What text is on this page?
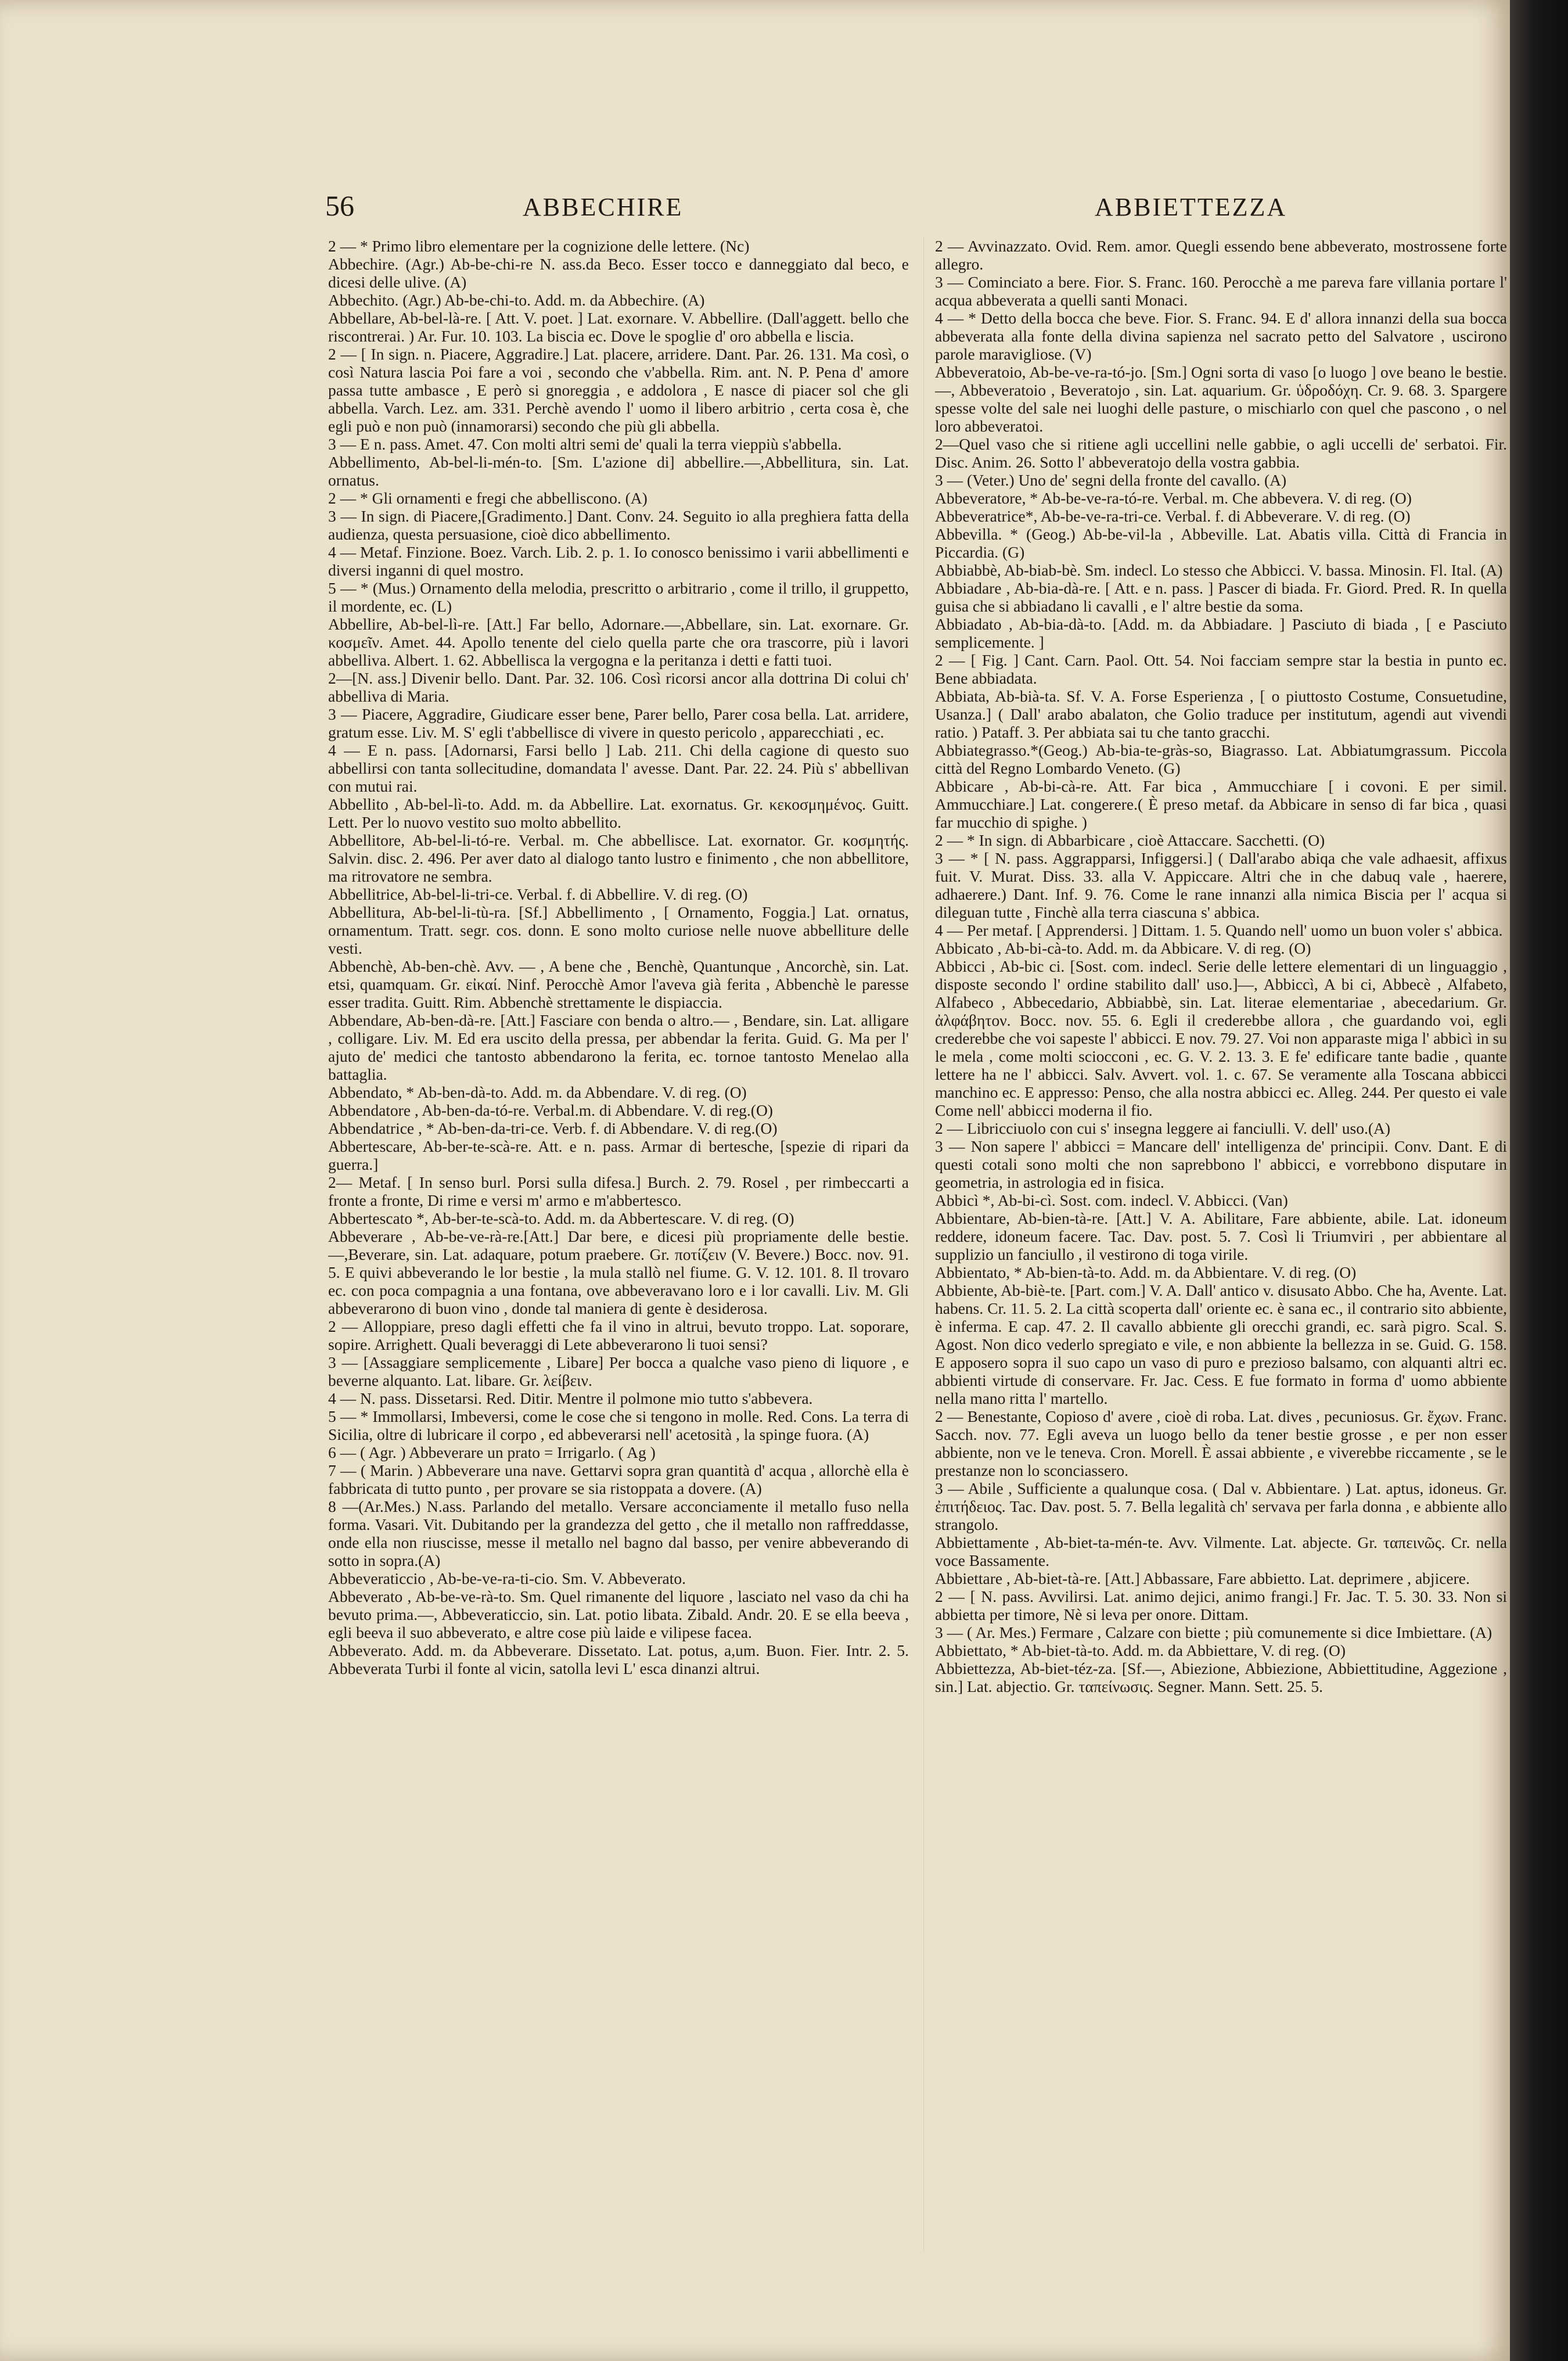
56	ABBECHIRE	ABBIETTEZZA

2 — * Primo libro elementare per la cognizione delle lettere. (Nc)

Abbechire. (Agr.) Ab-be-chi-re N. ass.da Beco. Esser tocco e danneggiato dal beco, e dicesi delle ulive. (A)

Abbechito. (Agr.) Ab-be-chi-to. Add. m. da Abbechire. (A)

Abbellare, Ab-bel-là-re. [ Att. V. poet. ] Lat. exornare. V. Abbellire. (Dall'aggett. bello che riscontrerai. ) Ar. Fur. 10. 103. La biscia ec. Dove le spoglie d' oro abbella e liscia.

2 — [ In sign. n. Piacere, Aggradire.] Lat. placere, arridere. Dant. Par. 26. 131. Ma così, o così Natura lascia Poi fare a voi , secondo che v'abbella. Rim. ant. N. P. Pena d' amore passa tutte ambasce , E però si gnoreggia , e addolora , E nasce di piacer sol che gli abbella. Varch. Lez. am. 331. Perchè avendo l' uomo il libero arbitrio , certa cosa è, che egli può e non può (innamorarsi) secondo che più gli abbella.

3 — E n. pass. Amet. 47. Con molti altri semi de' quali la terra vieppiù s'abbella.

Abbellimento, Ab-bel-li-mén-to. [Sm. L'azione di] abbellire.—,Abbellitura, sin. Lat. ornatus.

2 — * Gli ornamenti e fregi che abbelliscono. (A)

3 — In sign. di Piacere,[Gradimento.] Dant. Conv. 24. Seguito io alla preghiera fatta della audienza, questa persuasione, cioè dico abbellimento.

4 — Metaf. Finzione. Boez. Varch. Lib. 2. p. 1. Io conosco benissimo i varii abbellimenti e diversi inganni di quel mostro.

5 — * (Mus.) Ornamento della melodia, prescritto o arbitrario , come il trillo, il gruppetto, il mordente, ec. (L)

Abbellire, Ab-bel-lì-re. [Att.] Far bello, Adornare.—,Abbellare, sin. Lat. exornare. Gr. κοσμεῖν. Amet. 44. Apollo tenente del cielo quella parte che ora trascorre, più i lavori abbelliva. Albert. 1. 62. Abbellisca la vergogna e la peritanza i detti e fatti tuoi.

2—[N. ass.] Divenir bello. Dant. Par. 32. 106. Così ricorsi ancor alla dottrina Di colui ch' abbelliva di Maria.

3 — Piacere, Aggradire, Giudicare esser bene, Parer bello, Parer cosa bella. Lat. arridere, gratum esse. Liv. M. S' egli t'abbellisce di vivere in questo pericolo , apparecchiati , ec.

4 — E n. pass. [Adornarsi, Farsi bello ] Lab. 211. Chi della cagione di questo suo abbellirsi con tanta sollecitudine, domandata l' avesse. Dant. Par. 22. 24. Più s' abbellivan con mutui rai.

Abbellito , Ab-bel-lì-to. Add. m. da Abbellire. Lat. exornatus. Gr. κεκοσμημένος. Guitt. Lett. Per lo nuovo vestito suo molto abbellito.

Abbellitore, Ab-bel-li-tó-re. Verbal. m. Che abbellisce. Lat. exornator. Gr. κοσμητής. Salvin. disc. 2. 496. Per aver dato al dialogo tanto lustro e finimento , che non abbellitore, ma ritrovatore ne sembra.

Abbellitrice, Ab-bel-li-tri-ce. Verbal. f. di Abbellire. V. di reg. (O)

Abbellitura, Ab-bel-li-tù-ra. [Sf.] Abbellimento , [ Ornamento, Foggia.] Lat. ornatus, ornamentum. Tratt. segr. cos. donn. E sono molto curiose nelle nuove abbelliture delle vesti.

Abbenchè, Ab-ben-chè. Avv. — , A bene che , Benchè, Quantunque , Ancorchè, sin. Lat. etsi, quamquam. Gr. εἰκαί. Ninf. Perocchè Amor l'aveva già ferita , Abbenchè le paresse esser tradita. Guitt. Rim. Abbenchè strettamente le dispiaccia.

Abbendare, Ab-ben-dà-re. [Att.] Fasciare con benda o altro.— , Bendare, sin. Lat. alligare , colligare. Liv. M. Ed era uscito della pressa, per abbendar la ferita. Guid. G. Ma per l' ajuto de' medici che tantosto abbendarono la ferita, ec. tornoe tantosto Menelao alla battaglia.

Abbendato, * Ab-ben-dà-to. Add. m. da Abbendare. V. di reg. (O)

Abbendatore , Ab-ben-da-tó-re. Verbal.m. di Abbendare. V. di reg.(O)

Abbendatrice , * Ab-ben-da-tri-ce. Verb. f. di Abbendare. V. di reg.(O)

Abbertescare, Ab-ber-te-scà-re. Att. e n. pass. Armar di bertesche, [spezie di ripari da guerra.]

2— Metaf. [ In senso burl. Porsi sulla difesa.] Burch. 2. 79. Rosel , per rimbeccarti a fronte a fronte, Di rime e versi m' armo e m'abbertesco.

Abbertescato *, Ab-ber-te-scà-to. Add. m. da Abbertescare. V. di reg. (O)

Abbeverare , Ab-be-ve-rà-re.[Att.] Dar bere, e dicesi più propriamente delle bestie.—,Beverare, sin. Lat. adaquare, potum praebere. Gr. ποτίζειν (V. Bevere.) Bocc. nov. 91. 5. E quivi abbeverando le lor bestie , la mula stallò nel fiume. G. V. 12. 101. 8. Il trovaro ec. con poca compagnia a una fontana, ove abbeveravano loro e i lor cavalli. Liv. M. Gli abbeverarono di buon vino , donde tal maniera di gente è desiderosa.

2 — Alloppiare, preso dagli effetti che fa il vino in altrui, bevuto troppo. Lat. soporare, sopire. Arrighett. Quali beveraggi di Lete abbeverarono li tuoi sensi?

3 — [Assaggiare semplicemente , Libare] Per bocca a qualche vaso pieno di liquore , e beverne alquanto. Lat. libare. Gr. λείβειν.

4 — N. pass. Dissetarsi. Red. Ditir. Mentre il polmone mio tutto s'abbevera.

5 — * Immollarsi, Imbeversi, come le cose che si tengono in molle. Red. Cons. La terra di Sicilia, oltre di lubricare il corpo , ed abbeverarsi nell' acetosità , la spinge fuora. (A)

6 — ( Agr. ) Abbeverare un prato = Irrigarlo. ( Ag )

7 — ( Marin. ) Abbeverare una nave. Gettarvi sopra gran quantità d' acqua , allorchè ella è fabbricata di tutto punto , per provare se sia ristoppata a dovere. (A)

8 —(Ar.Mes.) N.ass. Parlando del metallo. Versare acconciamente il metallo fuso nella forma. Vasari. Vit. Dubitando per la grandezza del getto , che il metallo non raffreddasse, onde ella non riuscisse, messe il metallo nel bagno dal basso, per venire abbeverando di sotto in sopra.(A)

Abbeveraticcio , Ab-be-ve-ra-ti-cio. Sm. V. Abbeverato.

Abbeverato , Ab-be-ve-rà-to. Sm. Quel rimanente del liquore , lasciato nel vaso da chi ha bevuto prima.—, Abbeveraticcio, sin. Lat. potio libata. Zibald. Andr. 20. E se ella beeva , egli beeva il suo abbeverato, e altre cose più laide e vilipese facea.

Abbeverato. Add. m. da Abbeverare. Dissetato. Lat. potus, a,um. Buon. Fier. Intr. 2. 5. Abbeverata Turbi il fonte al vicin, satolla levi L' esca dinanzi altrui.

2 — Avvinazzato. Ovid. Rem. amor. Quegli essendo bene abbeverato, mostrossene forte allegro.

3 — Cominciato a bere. Fior. S. Franc. 160. Perocchè a me pareva fare villania portare l' acqua abbeverata a quelli santi Monaci.

4 — * Detto della bocca che beve. Fior. S. Franc. 94. E d' allora innanzi della sua bocca abbeverata alla fonte della divina sapienza nel sacrato petto del Salvatore , uscirono parole maravigliose. (V)

Abbeveratoio, Ab-be-ve-ra-tó-jo. [Sm.] Ogni sorta di vaso [o luogo ] ove beano le bestie. —, Abbeveratoio , Beveratojo , sin. Lat. aquarium. Gr. ὑδροδόχη. Cr. 9. 68. 3. Spargere spesse volte del sale nei luoghi delle pasture, o mischiarlo con quel che pascono , o nel loro abbeveratoi.

2—Quel vaso che si ritiene agli uccellini nelle gabbie, o agli uccelli de' serbatoi. Fir. Disc. Anim. 26. Sotto l' abbeveratojo della vostra gabbia.

3 — (Veter.) Uno de' segni della fronte del cavallo. (A)

Abbeveratore, * Ab-be-ve-ra-tó-re. Verbal. m. Che abbevera. V. di reg. (O)

Abbeveratrice*, Ab-be-ve-ra-tri-ce. Verbal. f. di Abbeverare. V. di reg. (O)

Abbevilla. * (Geog.) Ab-be-vil-la , Abbeville. Lat. Abatis villa. Città di Francia in Piccardia. (G)

Abbiabbè, Ab-biab-bè. Sm. indecl. Lo stesso che Abbicci. V. bassa. Minosin. Fl. Ital. (A)

Abbiadare , Ab-bia-dà-re. [ Att. e n. pass. ] Pascer di biada. Fr. Giord. Pred. R. In quella guisa che si abbiadano li cavalli , e l' altre bestie da soma.

Abbiadato , Ab-bia-dà-to. [Add. m. da Abbiadare. ] Pasciuto di biada , [ e Pasciuto semplicemente. ]

2 — [ Fig. ] Cant. Carn. Paol. Ott. 54. Noi facciam sempre star la bestia in punto ec. Bene abbiadata.

Abbiata, Ab-bià-ta. Sf. V. A. Forse Esperienza , [ o piuttosto Costume, Consuetudine, Usanza.] ( Dall' arabo abalaton, che Golio traduce per institutum, agendi aut vivendi ratio. ) Pataff. 3. Per abbiata sai tu che tanto gracchi.

Abbiategrasso.*(Geog.) Ab-bia-te-gràs-so, Biagrasso. Lat. Abbiatumgrassum. Piccola città del Regno Lombardo Veneto. (G)

Abbicare , Ab-bi-cà-re. Att. Far bica , Ammucchiare [ i covoni. E per simil. Ammucchiare.] Lat. congerere.( È preso metaf. da Abbicare in senso di far bica , quasi far mucchio di spighe. )

2 — * In sign. di Abbarbicare , cioè Attaccare. Sacchetti. (O)

3 — * [ N. pass. Aggrapparsi, Infiggersi.] ( Dall'arabo abiqa che vale adhaesit, affixus fuit. V. Murat. Diss. 33. alla V. Appiccare. Altri che in che dabuq vale , haerere, adhaerere.) Dant. Inf. 9. 76. Come le rane innanzi alla nimica Biscia per l' acqua si dileguan tutte , Finchè alla terra ciascuna s' abbica.

4 — Per metaf. [ Apprendersi. ] Dittam. 1. 5. Quando nell' uomo un buon voler s' abbica.

Abbicato , Ab-bi-cà-to. Add. m. da Abbicare. V. di reg. (O)

Abbicci , Ab-bic ci. [Sost. com. indecl. Serie delle lettere elementari di un linguaggio , disposte secondo l' ordine stabilito dall' uso.]—, Abbiccì, A bi ci, Abbecè , Alfabeto, Alfabeco , Abbecedario, Abbiabbè, sin. Lat. literae elementariae , abecedarium. Gr. ἀλφάβητον. Bocc. nov. 55. 6. Egli il crederebbe allora , che guardando voi, egli crederebbe che voi sapeste l' abbicci. E nov. 79. 27. Voi non apparaste miga l' abbicì in su le mela , come molti sciocconi , ec. G. V. 2. 13. 3. E fe' edificare tante badie , quante lettere ha ne l' abbicci. Salv. Avvert. vol. 1. c. 67. Se veramente alla Toscana abbicci manchino ec. E appresso: Penso, che alla nostra abbicci ec. Alleg. 244. Per questo ei vale Come nell' abbicci moderna il fio.

2 — Libricciuolo con cui s' insegna leggere ai fanciulli. V. dell' uso.(A)

3 — Non sapere l' abbicci = Mancare dell' intelligenza de' principii. Conv. Dant. E di questi cotali sono molti che non saprebbono l' abbicci, e vorrebbono disputare in geometria, in astrologia ed in fisica.

Abbicì *, Ab-bi-cì. Sost. com. indecl. V. Abbicci. (Van)

Abbientare, Ab-bien-tà-re. [Att.] V. A. Abilitare, Fare abbiente, abile. Lat. idoneum reddere, idoneum facere. Tac. Dav. post. 5. 7. Così li Triumviri , per abbientare al supplizio un fanciullo , il vestirono di toga virile.

Abbientato, * Ab-bien-tà-to. Add. m. da Abbientare. V. di reg. (O)

Abbiente, Ab-biè-te. [Part. com.] V. A. Dall' antico v. disusato Abbo. Che ha, Avente. Lat. habens. Cr. 11. 5. 2. La città scoperta dall' oriente ec. è sana ec., il contrario sito abbiente, è inferma. E cap. 47. 2. Il cavallo abbiente gli orecchi grandi, ec. sarà pigro. Scal. S. Agost. Non dico vederlo spregiato e vile, e non abbiente la bellezza in se. Guid. G. 158. E apposero sopra il suo capo un vaso di puro e prezioso balsamo, con alquanti altri ec. abbienti virtude di conservare. Fr. Jac. Cess. E fue formato in forma d' uomo abbiente nella mano ritta l' martello.

2 — Benestante, Copioso d' avere , cioè di roba. Lat. dives , pecuniosus. Gr. ἔχων. Franc. Sacch. nov. 77. Egli aveva un luogo bello da tener bestie grosse , e per non esser abbiente, non ve le teneva. Cron. Morell. È assai abbiente , e viverebbe riccamente , se le prestanze non lo sconciassero.

3 — Abile , Sufficiente a qualunque cosa. ( Dal v. Abbientare. ) Lat. aptus, idoneus. Gr. ἐπιτήδειος. Tac. Dav. post. 5. 7. Bella legalità ch' servava per farla donna , e abbiente allo strangolo.

Abbiettamente , Ab-biet-ta-mén-te. Avv. Vilmente. Lat. abjecte. Gr. ταπεινῶς. Cr. nella voce Bassamente.

Abbiettare , Ab-biet-tà-re. [Att.] Abbassare, Fare abbietto. Lat. deprimere , abjicere.

2 — [ N. pass. Avvilirsi. Lat. animo dejici, animo frangi.] Fr. Jac. T. 5. 30. 33. Non si abbietta per timore, Nè si leva per onore. Dittam.

3 — ( Ar. Mes.) Fermare , Calzare con biette ; più comunemente si dice Imbiettare. (A)

Abbiettato, * Ab-biet-tà-to. Add. m. da Abbiettare, V. di reg. (O)

Abbiettezza, Ab-biet-téz-za. [Sf.—, Abiezione, Abbiezione, Abbiettitudine, Aggezione , sin.] Lat. abjectio. Gr. ταπείνωσις. Segner. Mann. Sett. 25. 5.
